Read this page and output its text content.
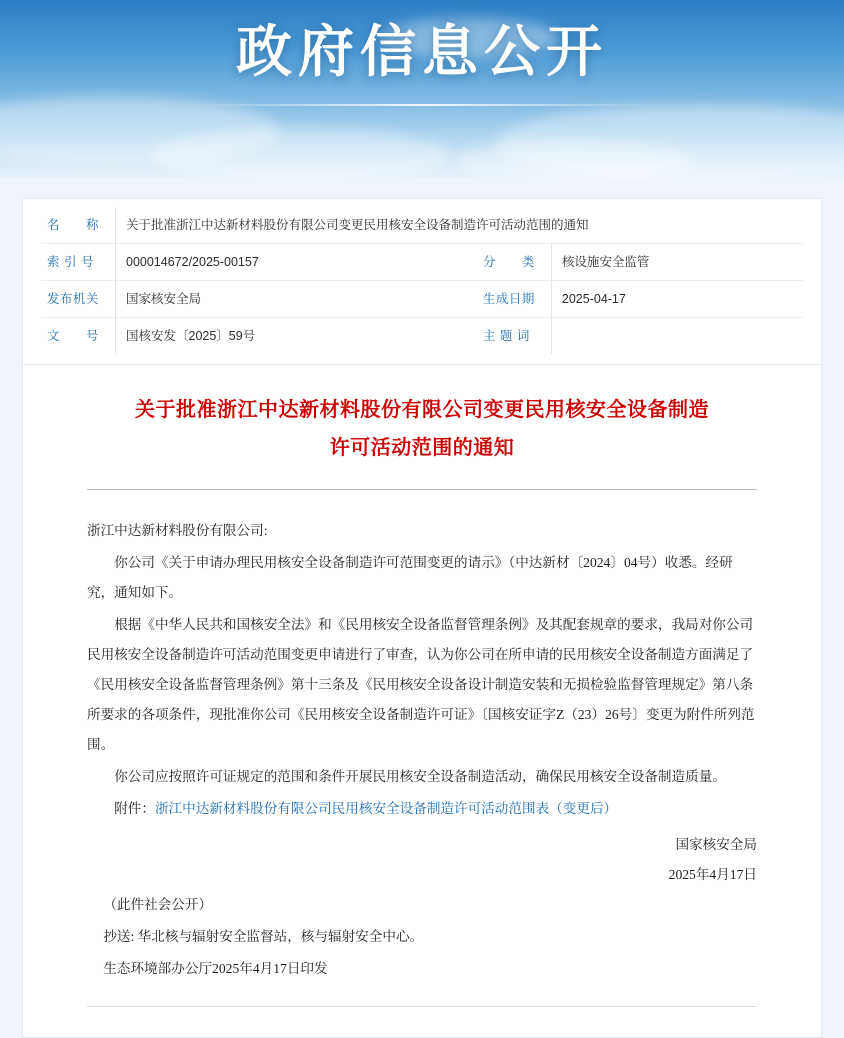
政府信息公开
名　　称		关于批准浙江中达新材料股份有限公司变更民用核安全设备制造许可活动范围的通知		
索 引 号		000014672/2025-00157	分　　类		核设施安全监管
发布机关		国家核安全局	生成日期		2025-04-17
文　　号		国核安发〔2025〕59号	主 题 词		
关于批准浙江中达新材料股份有限公司变更民用核安全设备制造
许可活动范围的通知

浙江中达新材料股份有限公司:

你公司《关于申请办理民用核安全设备制造许可范围变更的请示》（中达新材〔2024〕04号）收悉。经研究，通知如下。

根据《中华人民共和国核安全法》和《民用核安全设备监督管理条例》及其配套规章的要求，我局对你公司民用核安全设备制造许可活动范围变更申请进行了审查，认为你公司在所申请的民用核安全设备制造方面满足了《民用核安全设备监督管理条例》第十三条及《民用核安全设备设计制造安装和无损检验监督管理规定》第八条所要求的各项条件，现批准你公司《民用核安全设备制造许可证》〔国核安证字Z（23）26号〕变更为附件所列范围。

你公司应按照许可证规定的范围和条件开展民用核安全设备制造活动，确保民用核安全设备制造质量。

附件：浙江中达新材料股份有限公司民用核安全设备制造许可活动范围表（变更后）

国家核安全局
2025年4月17日

（此件社会公开）

抄送: 华北核与辐射安全监督站，核与辐射安全中心。

生态环境部办公厅2025年4月17日印发
